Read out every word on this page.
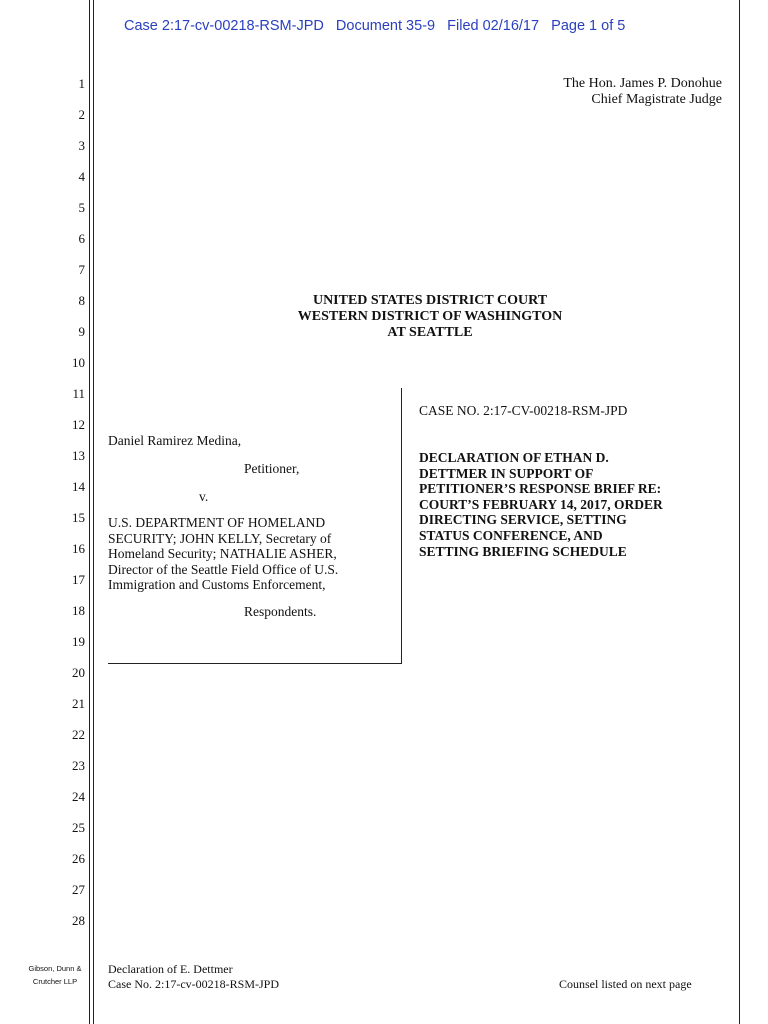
Case 2:17-cv-00218-RSM-JPD   Document 35-9   Filed 02/16/17   Page 1 of 5
1
2
3
4
5
6
7
8
9
10
11
12
13
14
15
16
17
18
19
20
21
22
23
24
25
26
27
28
The Hon. James P. Donohue
Chief Magistrate Judge
UNITED STATES DISTRICT COURT
WESTERN DISTRICT OF WASHINGTON
AT SEATTLE
Daniel Ramirez Medina,
Petitioner,
v.
U.S. DEPARTMENT OF HOMELAND
SECURITY; JOHN KELLY, Secretary of
Homeland Security; NATHALIE ASHER,
Director of the Seattle Field Office of U.S.
Immigration and Customs Enforcement,
Respondents.
CASE NO. 2:17-CV-00218-RSM-JPD
DECLARATION OF ETHAN D.
DETTMER IN SUPPORT OF
PETITIONER’S RESPONSE BRIEF RE:
COURT’S FEBRUARY 14, 2017, ORDER
DIRECTING SERVICE, SETTING
STATUS CONFERENCE, AND
SETTING BRIEFING SCHEDULE
Gibson, Dunn &
Crutcher LLP
Declaration of E. Dettmer
Case No. 2:17-cv-00218-RSM-JPD	Counsel listed on next page
